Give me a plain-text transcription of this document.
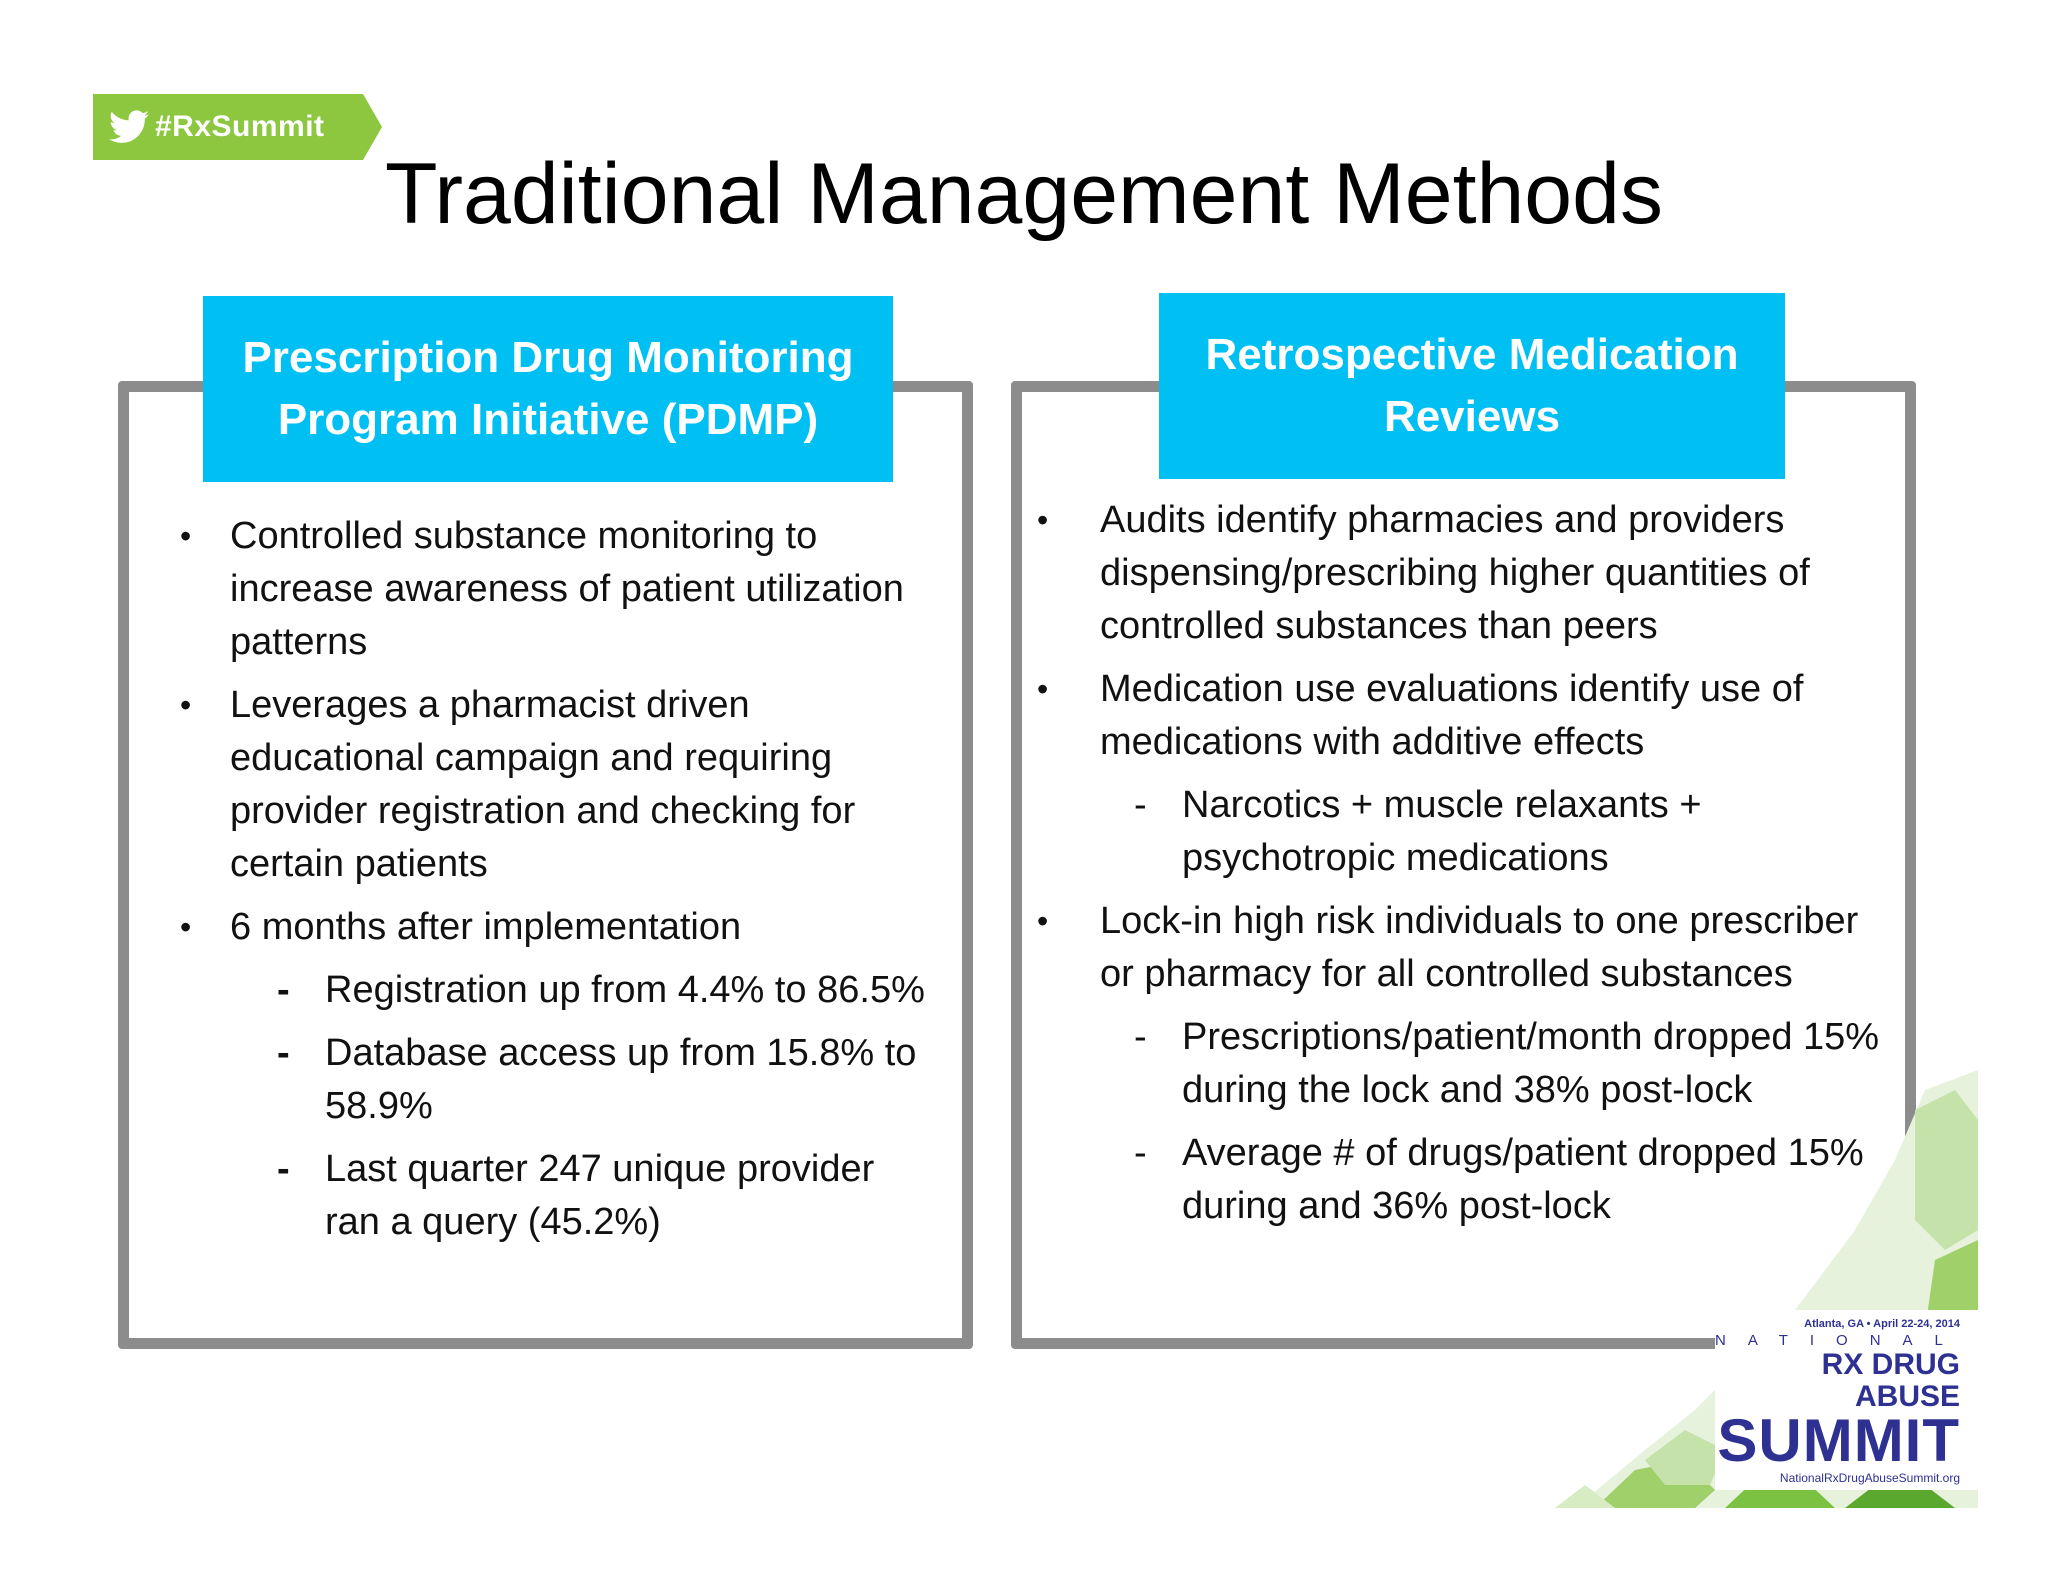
#RxSummit
Traditional Management Methods
Prescription Drug Monitoring
Program Initiative (PDMP)
Retrospective Medication
Reviews
• Controlled substance monitoring to increase awareness of patient utilization patterns
• Leverages a pharmacist driven educational campaign and requiring provider registration and checking for certain patients
• 6 months after implementation
- Registration up from 4.4% to 86.5%
- Database access up from 15.8% to 58.9%
- Last quarter 247 unique provider ran a query (45.2%)
• Audits identify pharmacies and providers dispensing/prescribing higher quantities of controlled substances than peers
• Medication use evaluations identify use of medications with additive effects
- Narcotics + muscle relaxants + psychotropic medications
• Lock-in high risk individuals to one prescriber or pharmacy for all controlled substances
- Prescriptions/patient/month dropped 15% during the lock and 38% post-lock
- Average # of drugs/patient dropped 15% during and 36% post-lock
Atlanta, GA • April 22-24, 2014
NATIONAL
RX DRUG ABUSE
SUMMIT
NationalRxDrugAbuseSummit.org
